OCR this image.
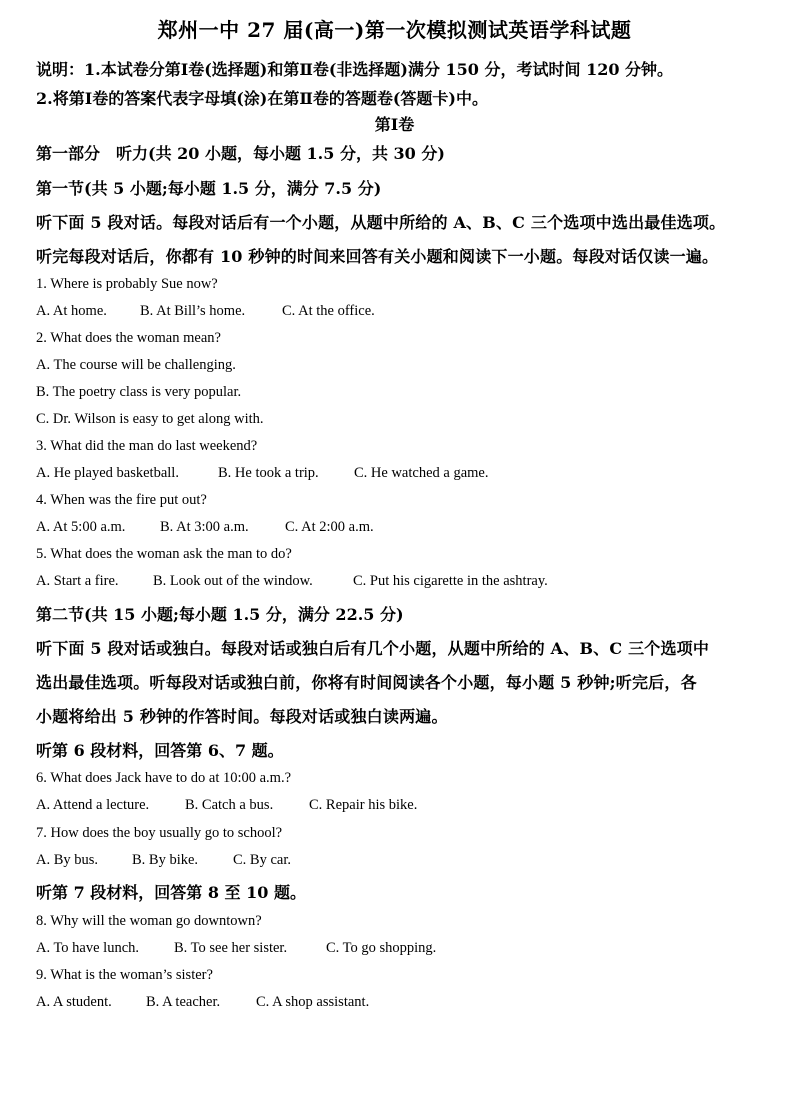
郑州一中 27 届(高一)第一次模拟测试英语学科试题
说明：1.本试卷分第Ⅰ卷(选择题)和第Ⅱ卷(非选择题)满分 150 分，考试时间 120 分钟。
2.将第Ⅰ卷的答案代表字母填(涂)在第Ⅱ卷的答题卷(答题卡)中。
第Ⅰ卷
第一部分　听力(共 20 小题，每小题 1.5 分，共 30 分)
第一节(共 5 小题;每小题 1.5 分，满分 7.5 分)
听下面 5 段对话。每段对话后有一个小题，从题中所给的 A、B、C 三个选项中选出最佳选项。
听完每段对话后，你都有 10 秒钟的时间来回答有关小题和阅读下一小题。每段对话仅读一遍。
1. Where is probably Sue now?
A. At home. B. At Bill’s home.	C. At the office.
2. What does the woman mean?
A. The course will be challenging.
B. The poetry class is very popular.
C. Dr. Wilson is easy to get along with.
3. What did the man do last weekend?
A. He played basketball.	B. He took a trip. C. He watched a game.
4. When was the fire put out?
A. At 5:00 a.m. B. At 3:00 a.m.	C. At 2:00 a.m.
5. What does the woman ask the man to do?
A. Start a fire. B. Look out of the window.	C. Put his cigarette in the ashtray.
第二节(共 15 小题;每小题 1.5 分，满分 22.5 分)
听下面 5 段对话或独白。每段对话或独白后有几个小题，从题中所给的 A、B、C 三个选项中
选出最佳选项。听每段对话或独白前，你将有时间阅读各个小题，每小题 5 秒钟;听完后，各
小题将给出 5 秒钟的作答时间。每段对话或独白读两遍。
听第 6 段材料，回答第 6、7 题。
6. What does Jack have to do at 10:00 a.m.?
A. Attend a lecture. B. Catch a bus. C. Repair his bike.
7. How does the boy usually go to school?
A. By bus. B. By bike. C. By car.
听第 7 段材料，回答第 8 至 10 题。
8. Why will the woman go downtown?
A. To have lunch. B. To see her sister.	C. To go shopping.
9. What is the woman’s sister?
A. A student. B. A teacher. C. A shop assistant.
